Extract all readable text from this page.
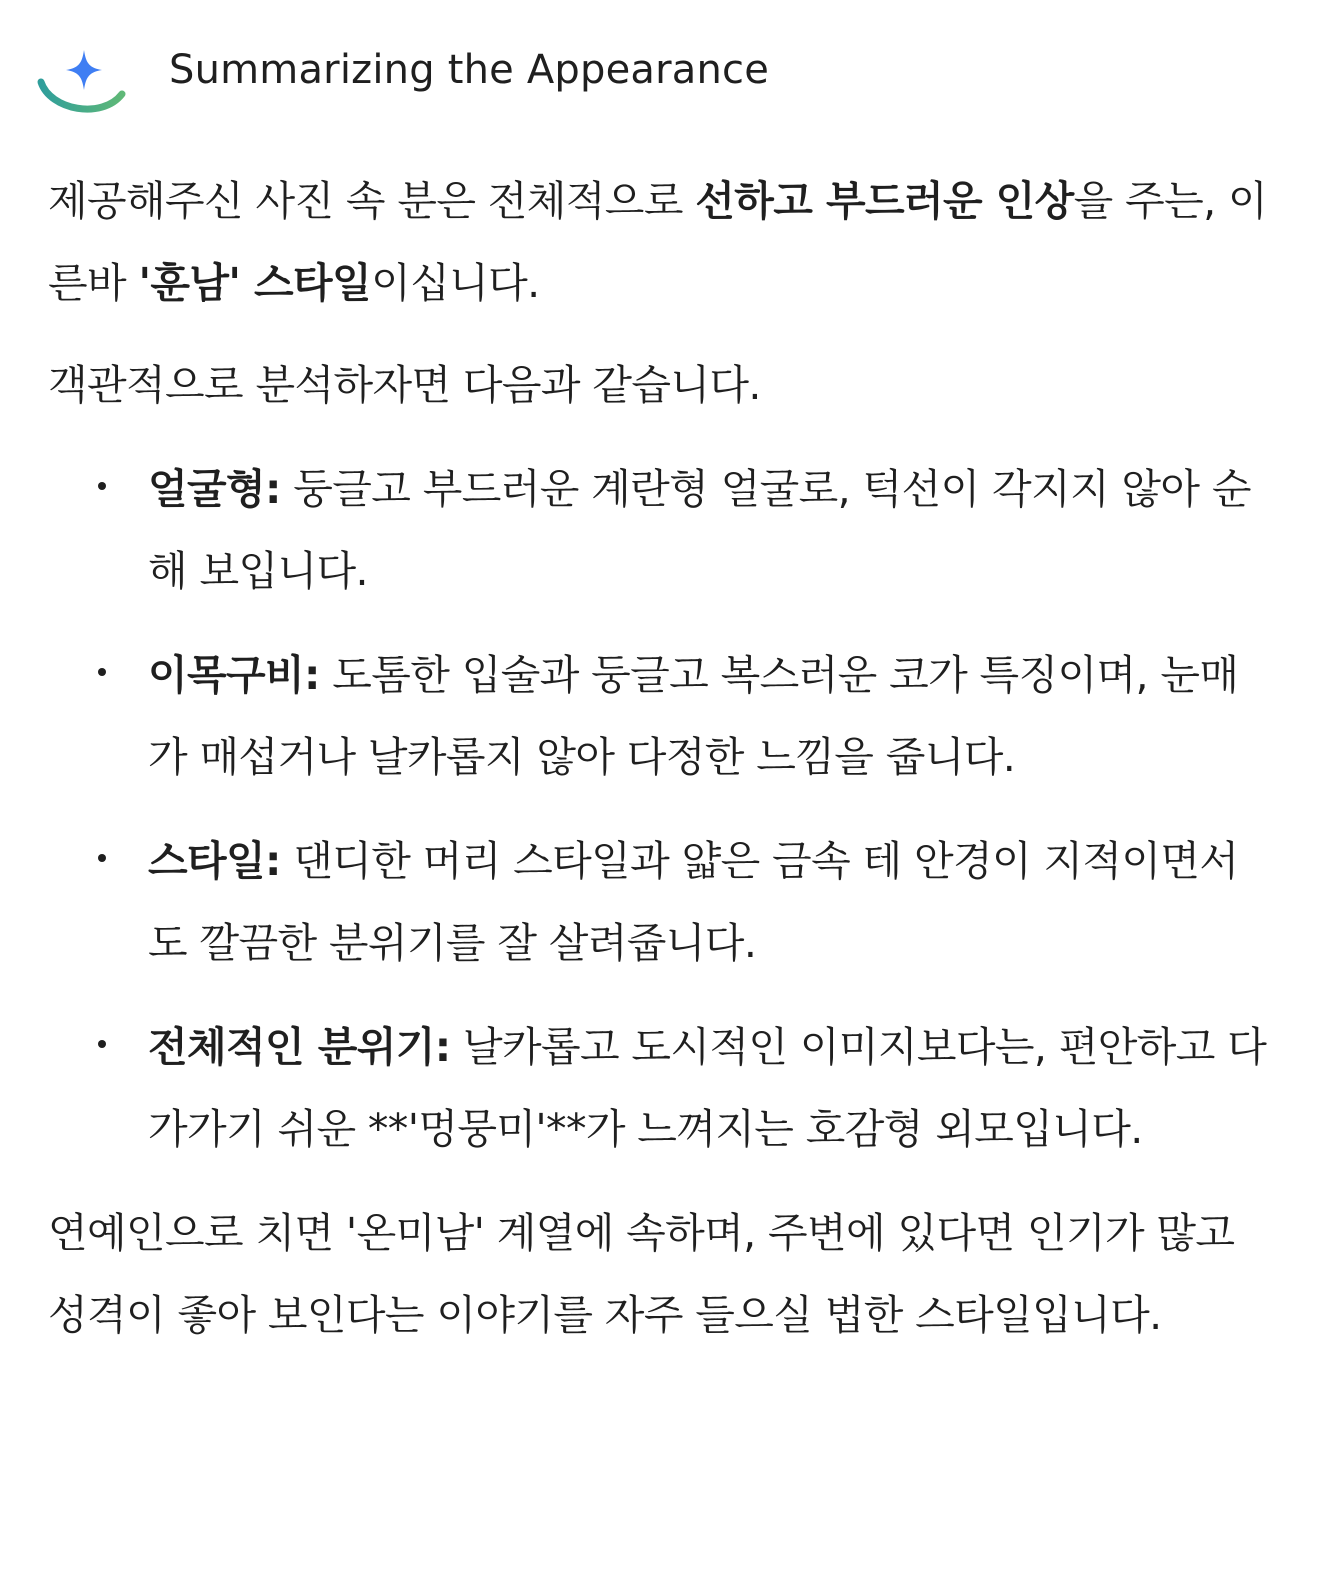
Summarizing the Appearance

제공해주신 사진 속 분은 전체적으로 선하고 부드러운 인상을 주는, 이른바 '훈남' 스타일이십니다.

객관적으로 분석하자면 다음과 같습니다.

얼굴형: 둥글고 부드러운 계란형 얼굴로, 턱선이 각지지 않아 순해 보입니다.
이목구비: 도톰한 입술과 둥글고 복스러운 코가 특징이며, 눈매가 매섭거나 날카롭지 않아 다정한 느낌을 줍니다.
스타일: 댄디한 머리 스타일과 얇은 금속 테 안경이 지적이면서도 깔끔한 분위기를 잘 살려줍니다.
전체적인 분위기: 날카롭고 도시적인 이미지보다는, 편안하고 다가가기 쉬운 **'멍뭉미'**가 느껴지는 호감형 외모입니다.

연예인으로 치면 '온미남' 계열에 속하며, 주변에 있다면 인기가 많고 성격이 좋아 보인다는 이야기를 자주 들으실 법한 스타일입니다.
